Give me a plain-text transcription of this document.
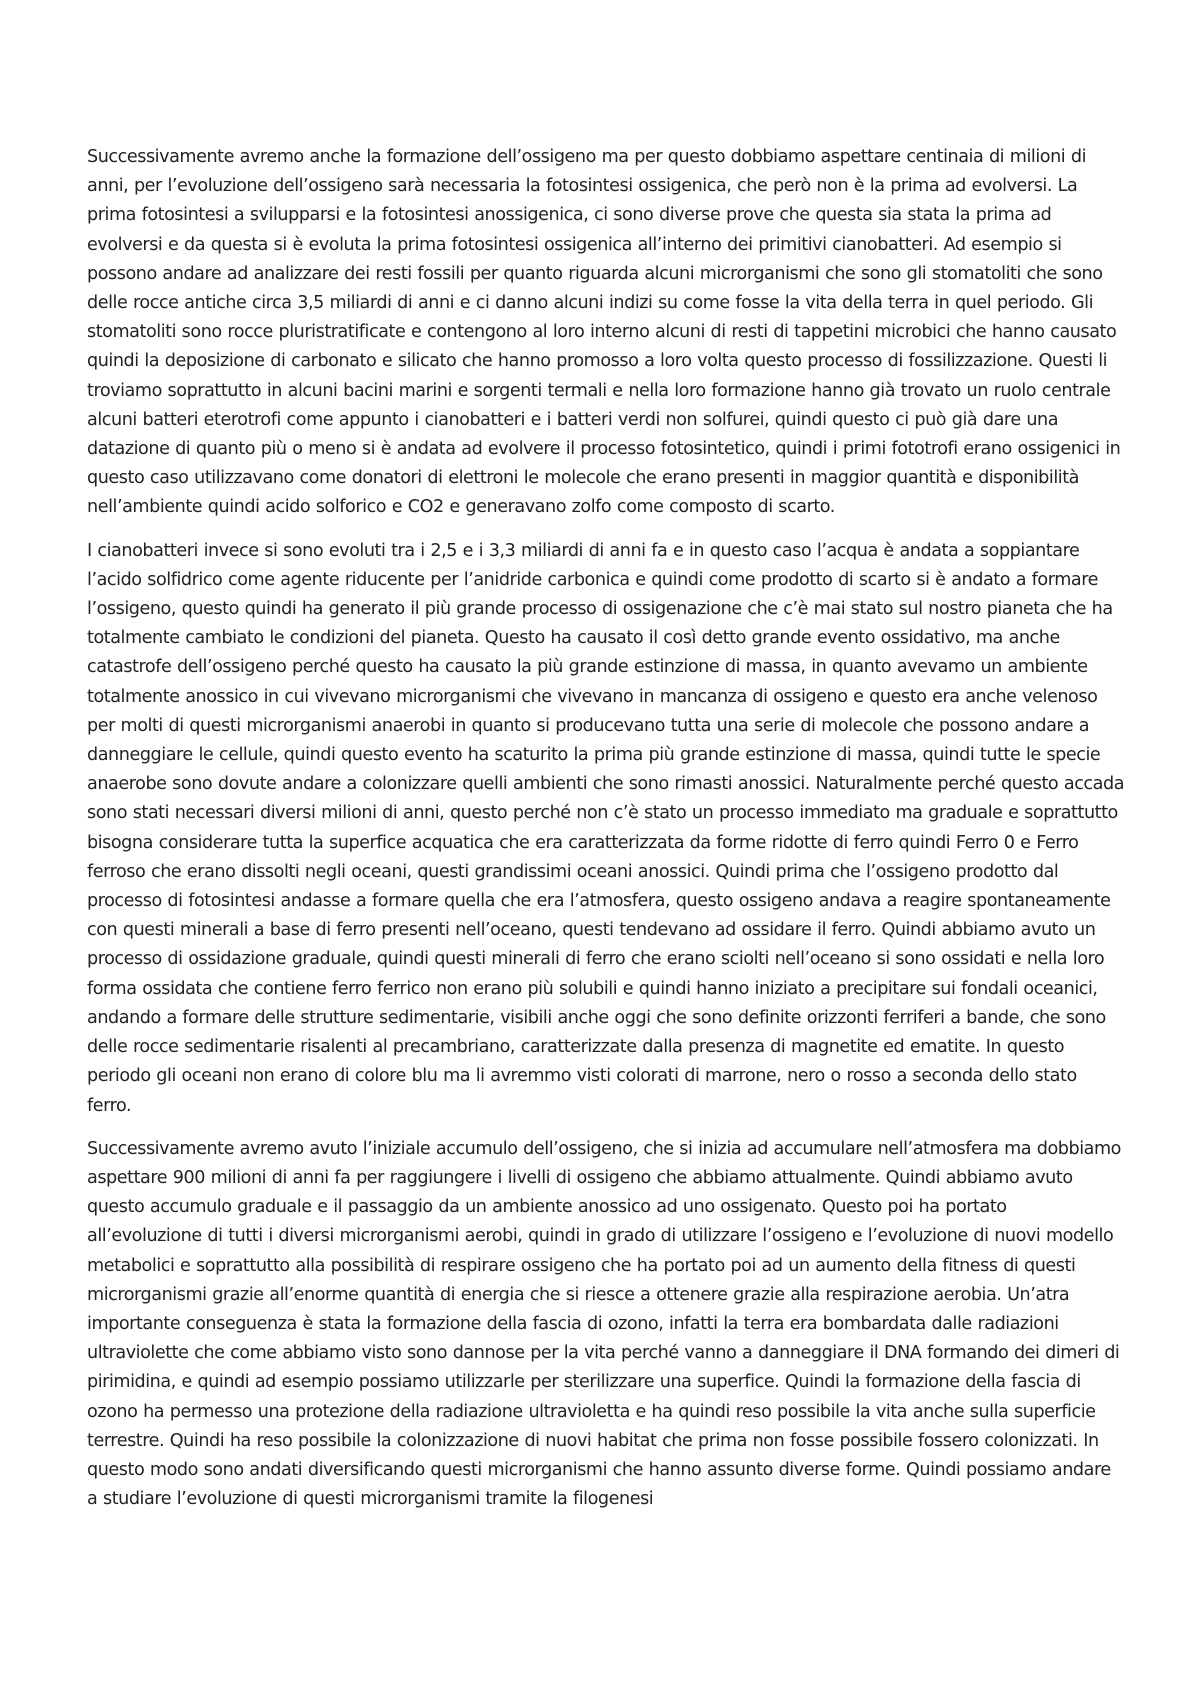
Successivamente avremo anche la formazione dell’ossigeno ma per questo dobbiamo aspettare centinaia di milioni di anni, per l’evoluzione dell’ossigeno sarà necessaria la fotosintesi ossigenica, che però non è la prima ad evolversi. La prima fotosintesi a svilupparsi e la fotosintesi anossigenica, ci sono diverse prove che questa sia stata la prima ad evolversi e da questa si è evoluta la prima fotosintesi ossigenica all’interno dei primitivi cianobatteri. Ad esempio si possono andare ad analizzare dei resti fossili per quanto riguarda alcuni microrganismi che sono gli stomatoliti che sono delle rocce antiche circa 3,5 miliardi di anni e ci danno alcuni indizi su come fosse la vita della terra in quel periodo. Gli stomatoliti sono rocce pluristratificate e contengono al loro interno alcuni di resti di tappetini microbici che hanno causato quindi la deposizione di carbonato e silicato che hanno promosso a loro volta questo processo di fossilizzazione. Questi li troviamo soprattutto in alcuni bacini marini e sorgenti termali e nella loro formazione hanno già trovato un ruolo centrale alcuni batteri eterotrofi come appunto i cianobatteri e i batteri verdi non solfurei, quindi questo ci può già dare una datazione di quanto più o meno si è andata ad evolvere il processo fotosintetico, quindi i primi fototrofi erano ossigenici in questo caso utilizzavano come donatori di elettroni le molecole che erano presenti in maggior quantità e disponibilità nell’ambiente quindi acido solforico e CO2 e generavano zolfo come composto di scarto.

I cianobatteri invece si sono evoluti tra i 2,5 e i 3,3 miliardi di anni fa e in questo caso l’acqua è andata a soppiantare l’acido solfidrico come agente riducente per l’anidride carbonica e quindi come prodotto di scarto si è andato a formare l’ossigeno, questo quindi ha generato il più grande processo di ossigenazione che c’è mai stato sul nostro pianeta che ha totalmente cambiato le condizioni del pianeta. Questo ha causato il così detto grande evento ossidativo, ma anche catastrofe dell’ossigeno perché questo ha causato la più grande estinzione di massa, in quanto avevamo un ambiente totalmente anossico in cui vivevano microrganismi che vivevano in mancanza di ossigeno e questo era anche velenoso per molti di questi microrganismi anaerobi in quanto si producevano tutta una serie di molecole che possono andare a danneggiare le cellule, quindi questo evento ha scaturito la prima più grande estinzione di massa, quindi tutte le specie anaerobe sono dovute andare a colonizzare quelli ambienti che sono rimasti anossici. Naturalmente perché questo accada sono stati necessari diversi milioni di anni, questo perché non c’è stato un processo immediato ma graduale e soprattutto bisogna considerare tutta la superfice acquatica che era caratterizzata da forme ridotte di ferro quindi Ferro 0 e Ferro ferroso che erano dissolti negli oceani, questi grandissimi oceani anossici. Quindi prima che l’ossigeno prodotto dal processo di fotosintesi andasse a formare quella che era l’atmosfera, questo ossigeno andava a reagire spontaneamente con questi minerali a base di ferro presenti nell’oceano, questi tendevano ad ossidare il ferro. Quindi abbiamo avuto un processo di ossidazione graduale, quindi questi minerali di ferro che erano sciolti nell’oceano si sono ossidati e nella loro forma ossidata che contiene ferro ferrico non erano più solubili e quindi hanno iniziato a precipitare sui fondali oceanici, andando a formare delle strutture sedimentarie, visibili anche oggi che sono definite orizzonti ferriferi a bande, che sono delle rocce sedimentarie risalenti al precambriano, caratterizzate dalla presenza di magnetite ed ematite. In questo periodo gli oceani non erano di colore blu ma li avremmo visti colorati di marrone, nero o rosso a seconda dello stato ferro.

Successivamente avremo avuto l’iniziale accumulo dell’ossigeno, che si inizia ad accumulare nell’atmosfera ma dobbiamo aspettare 900 milioni di anni fa per raggiungere i livelli di ossigeno che abbiamo attualmente. Quindi abbiamo avuto questo accumulo graduale e il passaggio da un ambiente anossico ad uno ossigenato. Questo poi ha portato all’evoluzione di tutti i diversi microrganismi aerobi, quindi in grado di utilizzare l’ossigeno e l’evoluzione di nuovi modello metabolici e soprattutto alla possibilità di respirare ossigeno che ha portato poi ad un aumento della fitness di questi microrganismi grazie all’enorme quantità di energia che si riesce a ottenere grazie alla respirazione aerobia. Un’atra importante conseguenza è stata la formazione della fascia di ozono, infatti la terra era bombardata dalle radiazioni ultraviolette che come abbiamo visto sono dannose per la vita perché vanno a danneggiare il DNA formando dei dimeri di pirimidina, e quindi ad esempio possiamo utilizzarle per sterilizzare una superfice. Quindi la formazione della fascia di ozono ha permesso una protezione della radiazione ultravioletta e ha quindi reso possibile la vita anche sulla superficie terrestre. Quindi ha reso possibile la colonizzazione di nuovi habitat che prima non fosse possibile fossero colonizzati. In questo modo sono andati diversificando questi microrganismi che hanno assunto diverse forme. Quindi possiamo andare a studiare l’evoluzione di questi microrganismi tramite la filogenesi
